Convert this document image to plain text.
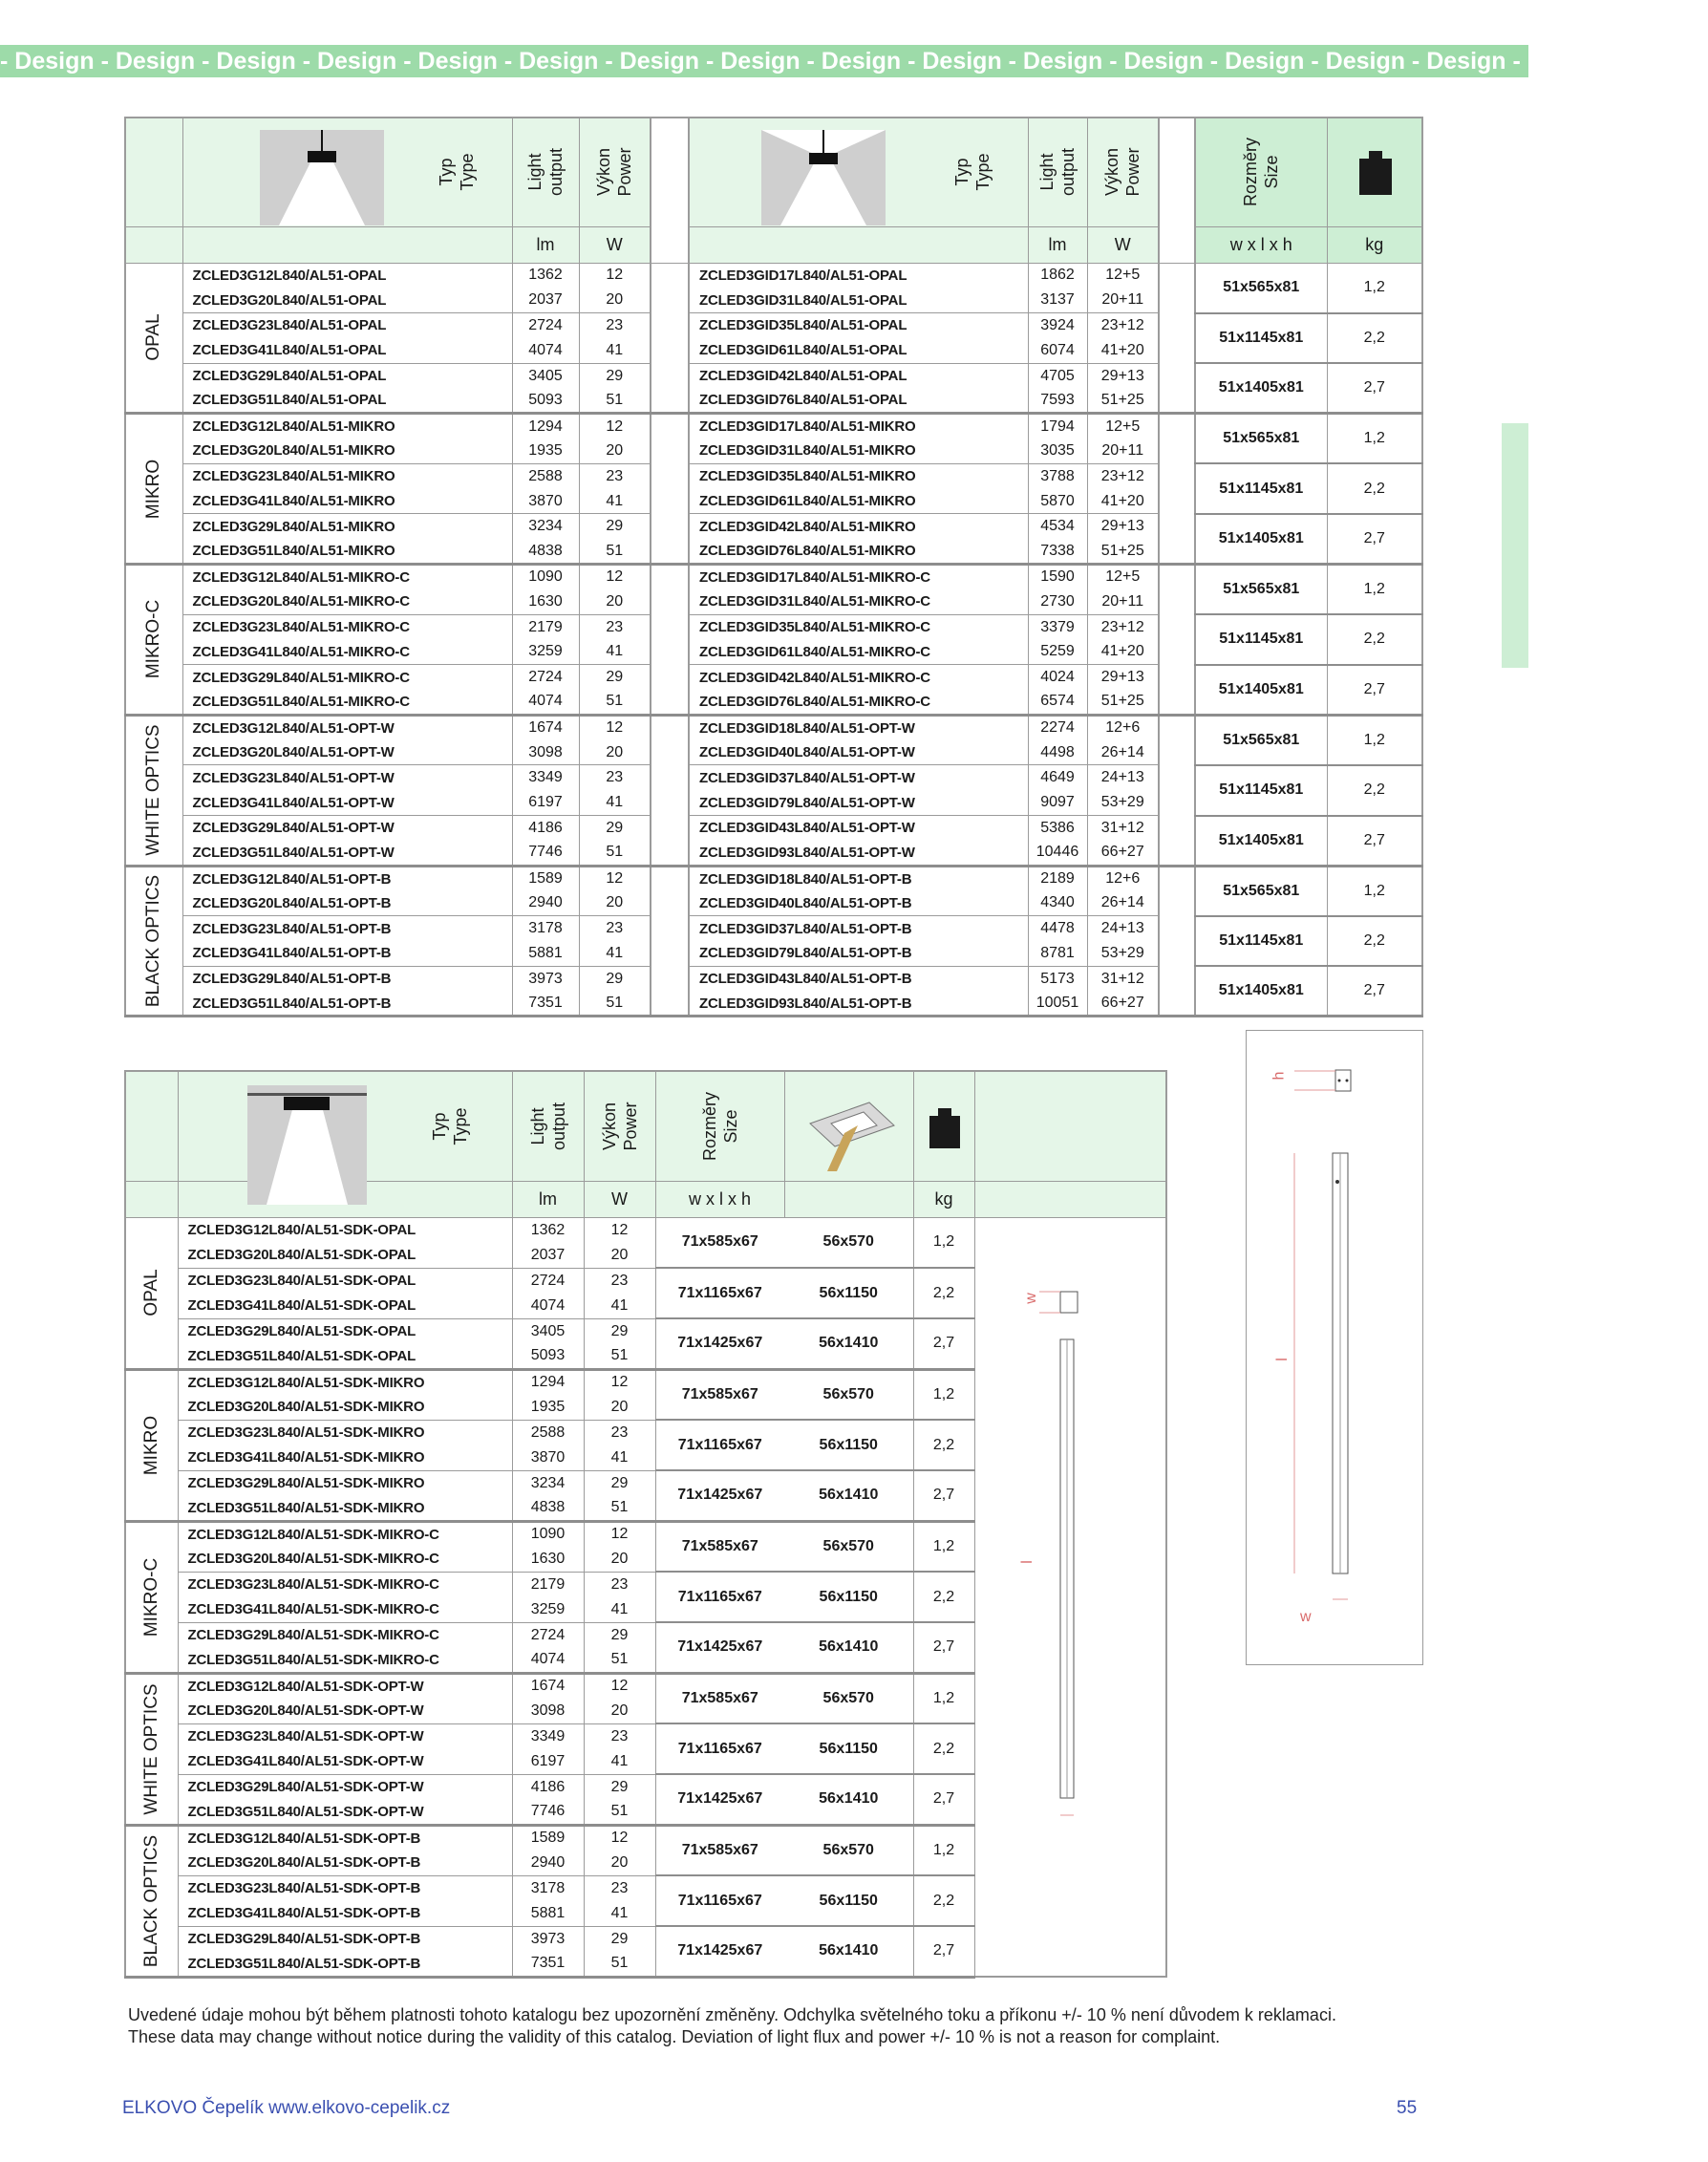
- Design - Design - Design - Design - Design - Design - Design - Design - Design - Design - Design - Design - Design - Design - Design - Design - Design

Typ Type	Light output	Výkon Power			Typ Type	Light output	Výkon Power		Rozměry Size

			lm	W				lm	W		w x l x h	kg

OPAL	ZCLED3G12L840/AL51-OPAL		1362	12		ZCLED3GID17L840/AL51-OPAL		1862	12+5		51x565x81	1,2
	ZCLED3G20L840/AL51-OPAL		2037	20		ZCLED3GID31L840/AL51-OPAL		3137	20+11			
	ZCLED3G23L840/AL51-OPAL		2724	23		ZCLED3GID35L840/AL51-OPAL		3924	23+12		51x1145x81	2,2
	ZCLED3G41L840/AL51-OPAL		4074	41		ZCLED3GID61L840/AL51-OPAL		6074	41+20			
	ZCLED3G29L840/AL51-OPAL		3405	29		ZCLED3GID42L840/AL51-OPAL		4705	29+13		51x1405x81	2,7
	ZCLED3G51L840/AL51-OPAL		5093	51		ZCLED3GID76L840/AL51-OPAL		7593	51+25			

MIKRO	ZCLED3G12L840/AL51-MIKRO		1294	12		ZCLED3GID17L840/AL51-MIKRO		1794	12+5		51x565x81	1,2
	ZCLED3G20L840/AL51-MIKRO		1935	20		ZCLED3GID31L840/AL51-MIKRO		3035	20+11			
	ZCLED3G23L840/AL51-MIKRO		2588	23		ZCLED3GID35L840/AL51-MIKRO		3788	23+12		51x1145x81	2,2
	ZCLED3G41L840/AL51-MIKRO		3870	41		ZCLED3GID61L840/AL51-MIKRO		5870	41+20			
	ZCLED3G29L840/AL51-MIKRO		3234	29		ZCLED3GID42L840/AL51-MIKRO		4534	29+13		51x1405x81	2,7
	ZCLED3G51L840/AL51-MIKRO		4838	51		ZCLED3GID76L840/AL51-MIKRO		7338	51+25			

MIKRO-C	ZCLED3G12L840/AL51-MIKRO-C		1090	12		ZCLED3GID17L840/AL51-MIKRO-C		1590	12+5		51x565x81	1,2
	ZCLED3G20L840/AL51-MIKRO-C		1630	20		ZCLED3GID31L840/AL51-MIKRO-C		2730	20+11			
	ZCLED3G23L840/AL51-MIKRO-C		2179	23		ZCLED3GID35L840/AL51-MIKRO-C		3379	23+12		51x1145x81	2,2
	ZCLED3G41L840/AL51-MIKRO-C		3259	41		ZCLED3GID61L840/AL51-MIKRO-C		5259	41+20			
	ZCLED3G29L840/AL51-MIKRO-C		2724	29		ZCLED3GID42L840/AL51-MIKRO-C		4024	29+13		51x1405x81	2,7
	ZCLED3G51L840/AL51-MIKRO-C		4074	51		ZCLED3GID76L840/AL51-MIKRO-C		6574	51+25			

WHITE OPTICS	ZCLED3G12L840/AL51-OPT-W		1674	12		ZCLED3GID18L840/AL51-OPT-W		2274	12+6		51x565x81	1,2
	ZCLED3G20L840/AL51-OPT-W		3098	20		ZCLED3GID40L840/AL51-OPT-W		4498	26+14			
	ZCLED3G23L840/AL51-OPT-W		3349	23		ZCLED3GID37L840/AL51-OPT-W		4649	24+13		51x1145x81	2,2
	ZCLED3G41L840/AL51-OPT-W		6197	41		ZCLED3GID79L840/AL51-OPT-W		9097	53+29			
	ZCLED3G29L840/AL51-OPT-W		4186	29		ZCLED3GID43L840/AL51-OPT-W		5386	31+12		51x1405x81	2,7
	ZCLED3G51L840/AL51-OPT-W		7746	51		ZCLED3GID93L840/AL51-OPT-W		10446	66+27			

BLACK OPTICS	ZCLED3G12L840/AL51-OPT-B		1589	12		ZCLED3GID18L840/AL51-OPT-B		2189	12+6		51x565x81	1,2
	ZCLED3G20L840/AL51-OPT-B		2940	20		ZCLED3GID40L840/AL51-OPT-B		4340	26+14			
	ZCLED3G23L840/AL51-OPT-B		3178	23		ZCLED3GID37L840/AL51-OPT-B		4478	24+13		51x1145x81	2,2
	ZCLED3G41L840/AL51-OPT-B		5881	41		ZCLED3GID79L840/AL51-OPT-B		8781	53+29			
	ZCLED3G29L840/AL51-OPT-B		3973	29		ZCLED3GID43L840/AL51-OPT-B		5173	31+12		51x1405x81	2,7
	ZCLED3G51L840/AL51-OPT-B		7351	51		ZCLED3GID93L840/AL51-OPT-B		10051	66+27			

Typ Type	Light output	Výkon Power	Rozměry Size

			lm	W	w x l x h		kg	

OPAL	ZCLED3G12L840/AL51-SDK-OPAL		1362	12	71x585x67	56x570	1,2	
	ZCLED3G20L840/AL51-SDK-OPAL		2037	20				
	ZCLED3G23L840/AL51-SDK-OPAL		2724	23	71x1165x67	56x1150	2,2	
	ZCLED3G41L840/AL51-SDK-OPAL		4074	41				
	ZCLED3G29L840/AL51-SDK-OPAL		3405	29	71x1425x67	56x1410	2,7	
	ZCLED3G51L840/AL51-SDK-OPAL		5093	51				

MIKRO	ZCLED3G12L840/AL51-SDK-MIKRO		1294	12	71x585x67	56x570	1,2	
	ZCLED3G20L840/AL51-SDK-MIKRO		1935	20				
	ZCLED3G23L840/AL51-SDK-MIKRO		2588	23	71x1165x67	56x1150	2,2	
	ZCLED3G41L840/AL51-SDK-MIKRO		3870	41				
	ZCLED3G29L840/AL51-SDK-MIKRO		3234	29	71x1425x67	56x1410	2,7	
	ZCLED3G51L840/AL51-SDK-MIKRO		4838	51				

MIKRO-C	ZCLED3G12L840/AL51-SDK-MIKRO-C		1090	12	71x585x67	56x570	1,2	
	ZCLED3G20L840/AL51-SDK-MIKRO-C		1630	20				
	ZCLED3G23L840/AL51-SDK-MIKRO-C		2179	23	71x1165x67	56x1150	2,2	
	ZCLED3G41L840/AL51-SDK-MIKRO-C		3259	41				
	ZCLED3G29L840/AL51-SDK-MIKRO-C		2724	29	71x1425x67	56x1410	2,7	
	ZCLED3G51L840/AL51-SDK-MIKRO-C		4074	51				

WHITE OPTICS	ZCLED3G12L840/AL51-SDK-OPT-W		1674	12	71x585x67	56x570	1,2	
	ZCLED3G20L840/AL51-SDK-OPT-W		3098	20				
	ZCLED3G23L840/AL51-SDK-OPT-W		3349	23	71x1165x67	56x1150	2,2	
	ZCLED3G41L840/AL51-SDK-OPT-W		6197	41				
	ZCLED3G29L840/AL51-SDK-OPT-W		4186	29	71x1425x67	56x1410	2,7	
	ZCLED3G51L840/AL51-SDK-OPT-W		7746	51				

BLACK OPTICS	ZCLED3G12L840/AL51-SDK-OPT-B		1589	12	71x585x67	56x570	1,2	
	ZCLED3G20L840/AL51-SDK-OPT-B		2940	20				
	ZCLED3G23L840/AL51-SDK-OPT-B		3178	23	71x1165x67	56x1150	2,2	
	ZCLED3G41L840/AL51-SDK-OPT-B		5881	41				
	ZCLED3G29L840/AL51-SDK-OPT-B		3973	29	71x1425x67	56x1410	2,7	
	ZCLED3G51L840/AL51-SDK-OPT-B		7351	51				
h
l
w
w
l
Uvedené údaje mohou být během platnosti tohoto katalogu bez upozornění změněny. Odchylka světelného toku a příkonu +/- 10 % není důvodem k reklamaci.
These data may change without notice during the validity of this catalog. Deviation of light flux and power +/- 10 % is not a reason for complaint.
ELKOVO Čepelík www.elkovo-cepelik.cz	55
